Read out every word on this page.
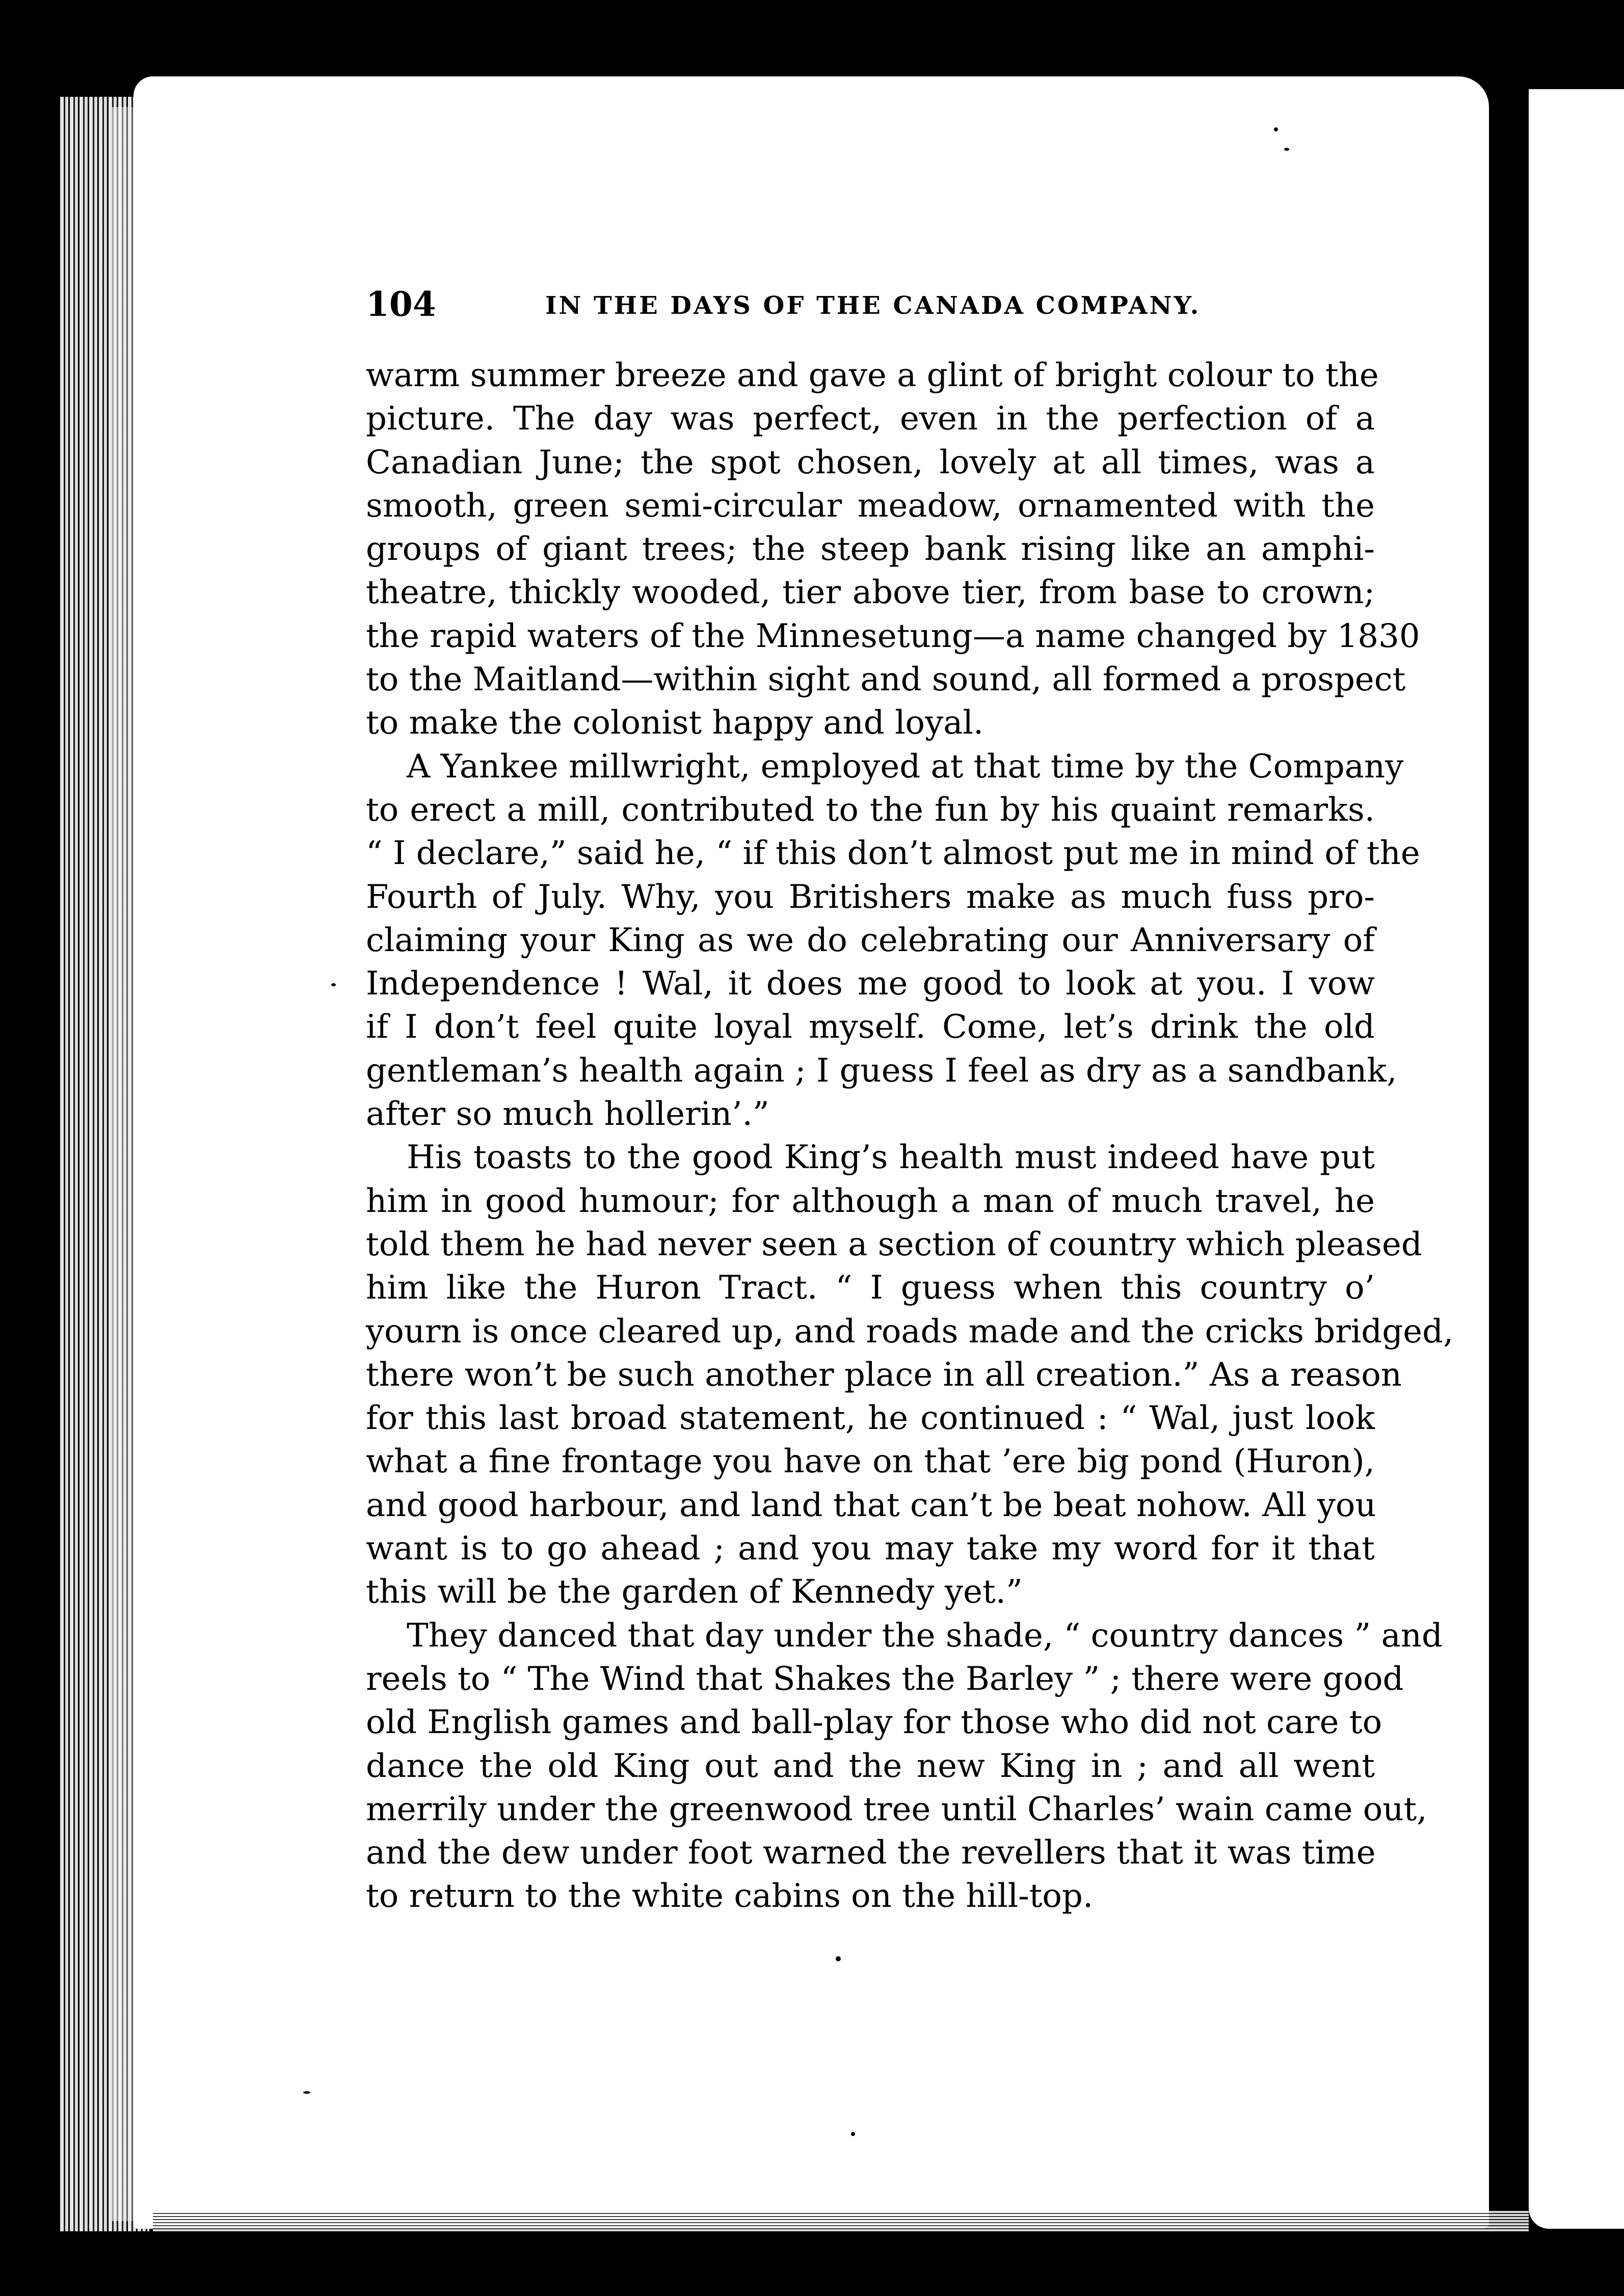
104	IN THE DAYS OF THE CANADA COMPANY.
warm summer breeze and gave a glint of bright colour to the
picture. The day was perfect, even in the perfection of a
Canadian June; the spot chosen, lovely at all times, was a
smooth, green semi-circular meadow, ornamented with the
groups of giant trees; the steep bank rising like an amphi-
theatre, thickly wooded, tier above tier, from base to crown;
the rapid waters of the Minnesetung—a name changed by 1830
to the Maitland—within sight and sound, all formed a prospect
to make the colonist happy and loyal.
A Yankee millwright, employed at that time by the Company
to erect a mill, contributed to the fun by his quaint remarks.
“ I declare,” said he, “ if this don’t almost put me in mind of the
Fourth of July. Why, you Britishers make as much fuss pro-
claiming your King as we do celebrating our Anniversary of
Independence ! Wal, it does me good to look at you. I vow
if I don’t feel quite loyal myself. Come, let’s drink the old
gentleman’s health again ; I guess I feel as dry as a sandbank,
after so much hollerin’.”
His toasts to the good King’s health must indeed have put
him in good humour; for although a man of much travel, he
told them he had never seen a section of country which pleased
him like the Huron Tract. “ I guess when this country o’
yourn is once cleared up, and roads made and the cricks bridged,
there won’t be such another place in all creation.” As a reason
for this last broad statement, he continued : “ Wal, just look
what a fine frontage you have on that ’ere big pond (Huron),
and good harbour, and land that can’t be beat nohow. All you
want is to go ahead ; and you may take my word for it that
this will be the garden of Kennedy yet.”
They danced that day under the shade, “ country dances ” and
reels to “ The Wind that Shakes the Barley ” ; there were good
old English games and ball-play for those who did not care to
dance the old King out and the new King in ; and all went
merrily under the greenwood tree until Charles’ wain came out,
and the dew under foot warned the revellers that it was time
to return to the white cabins on the hill-top.
